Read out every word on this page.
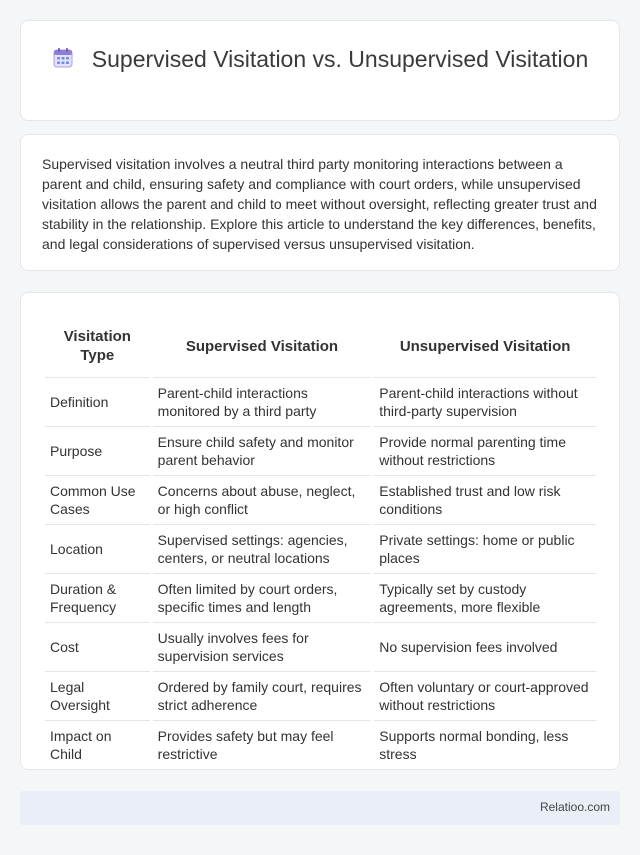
Supervised Visitation vs. Unsupervised Visitation

Supervised visitation involves a neutral third party monitoring interactions between a parent and child, ensuring safety and compliance with court orders, while unsupervised visitation allows the parent and child to meet without oversight, reflecting greater trust and stability in the relationship. Explore this article to understand the key differences, benefits, and legal considerations of supervised versus unsupervised visitation.

Visitation Type	Supervised Visitation	Unsupervised Visitation
Definition	Parent-child interactions monitored by a third party	Parent-child interactions without third-party supervision
Purpose	Ensure child safety and monitor parent behavior	Provide normal parenting time without restrictions
Common Use Cases	Concerns about abuse, neglect, or high conflict	Established trust and low risk conditions
Location	Supervised settings: agencies, centers, or neutral locations	Private settings: home or public places
Duration & Frequency	Often limited by court orders, specific times and length	Typically set by custody agreements, more flexible
Cost	Usually involves fees for supervision services	No supervision fees involved
Legal Oversight	Ordered by family court, requires strict adherence	Often voluntary or court-approved without restrictions
Impact on Child	Provides safety but may feel restrictive	Supports normal bonding, less stress
Relatioo.com
